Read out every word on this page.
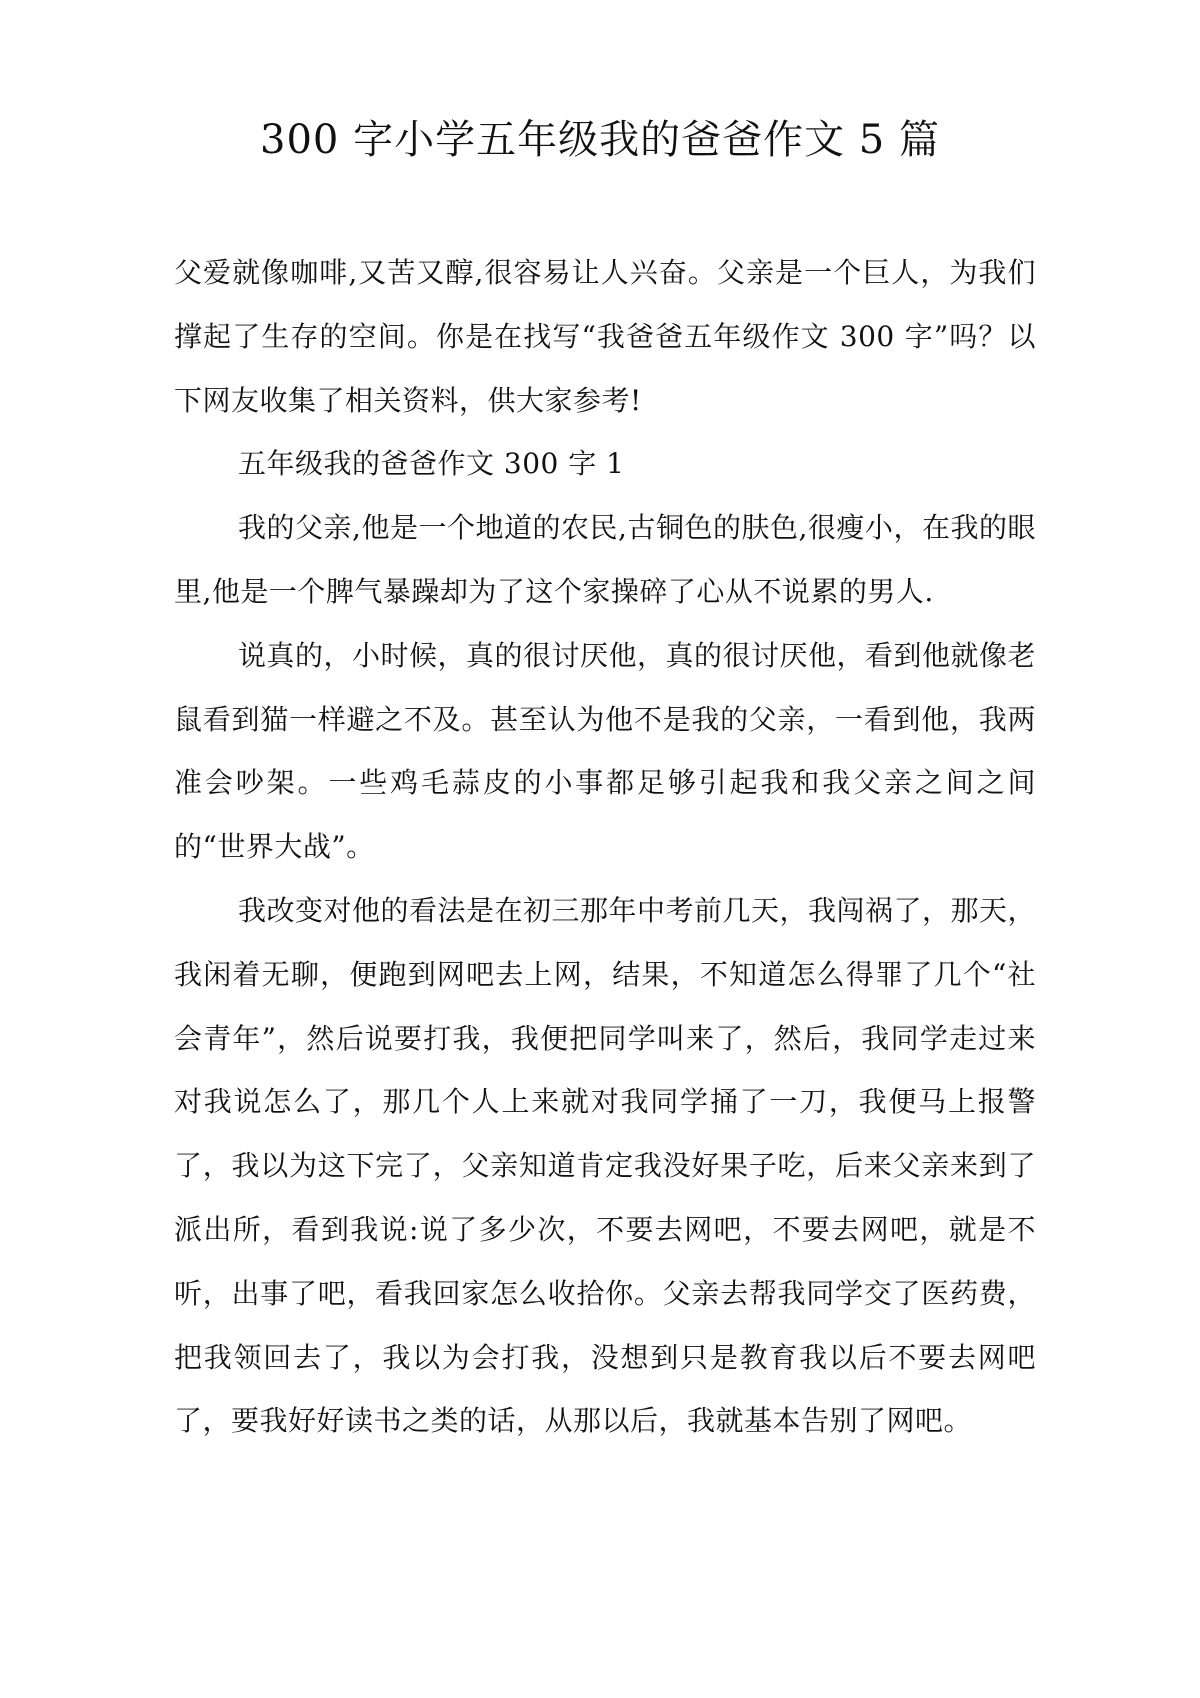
300 字小学五年级我的爸爸作文 5 篇

父爱就像咖啡,又苦又醇,很容易让人兴奋。父亲是一个巨人，为我们撑起了生存的空间。你是在找写“我爸爸五年级作文 300 字”吗？以下网友收集了相关资料，供大家参考!

五年级我的爸爸作文 300 字 1

我的父亲,他是一个地道的农民,古铜色的肤色,很瘦小，在我的眼里,他是一个脾气暴躁却为了这个家操碎了心从不说累的男人.

说真的，小时候，真的很讨厌他，真的很讨厌他，看到他就像老鼠看到猫一样避之不及。甚至认为他不是我的父亲，一看到他，我两准会吵架。一些鸡毛蒜皮的小事都足够引起我和我父亲之间之间的“世界大战”。

我改变对他的看法是在初三那年中考前几天，我闯祸了，那天，我闲着无聊，便跑到网吧去上网，结果，不知道怎么得罪了几个“社会青年”，然后说要打我，我便把同学叫来了，然后，我同学走过来对我说怎么了，那几个人上来就对我同学捅了一刀，我便马上报警了，我以为这下完了，父亲知道肯定我没好果子吃，后来父亲来到了派出所，看到我说:说了多少次，不要去网吧，不要去网吧，就是不听，出事了吧，看我回家怎么收拾你。父亲去帮我同学交了医药费，把我领回去了，我以为会打我，没想到只是教育我以后不要去网吧了，要我好好读书之类的话，从那以后，我就基本告别了网吧。
